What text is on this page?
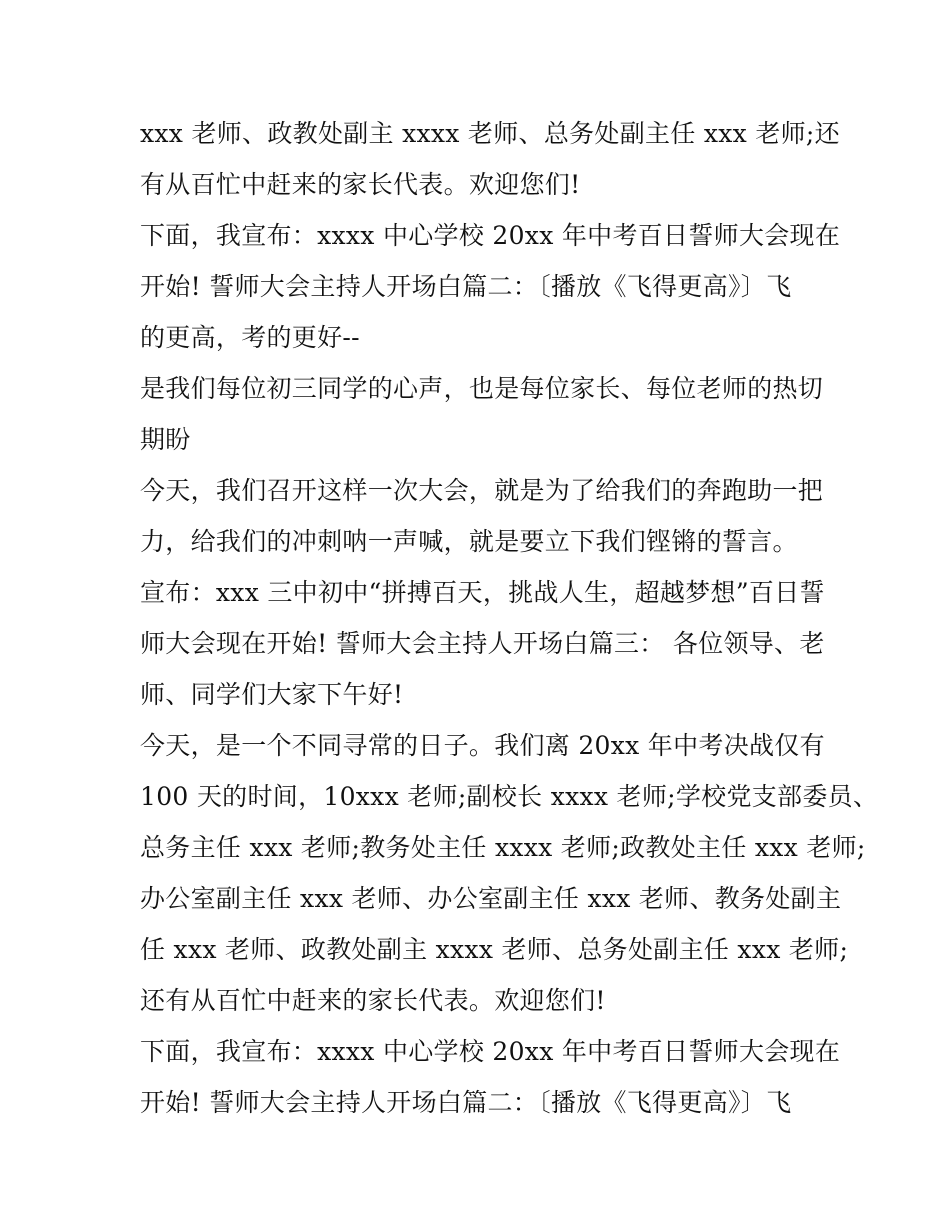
xxx 老师、政教处副主 xxxx 老师、总务处副主任 xxx 老师;还
有从百忙中赶来的家长代表。欢迎您们!
下面，我宣布：xxxx 中心学校 20xx 年中考百日誓师大会现在
开始! 誓师大会主持人开场白篇二：〔播放《飞得更高》〕飞
的更高，考的更好--
是我们每位初三同学的心声，也是每位家长、每位老师的热切
期盼
今天，我们召开这样一次大会，就是为了给我们的奔跑助一把
力，给我们的冲刺呐一声喊，就是要立下我们铿锵的誓言。
宣布：xxx 三中初中“拼搏百天，挑战人生，超越梦想”百日誓
师大会现在开始! 誓师大会主持人开场白篇三： 各位领导、老
师、同学们大家下午好!
今天，是一个不同寻常的日子。我们离 20xx 年中考决战仅有
100 天的时间，10xxx 老师;副校长 xxxx 老师;学校党支部委员、
总务主任 xxx 老师;教务处主任 xxxx 老师;政教处主任 xxx 老师;
办公室副主任 xxx 老师、办公室副主任 xxx 老师、教务处副主
任 xxx 老师、政教处副主 xxxx 老师、总务处副主任 xxx 老师;
还有从百忙中赶来的家长代表。欢迎您们!
下面，我宣布：xxxx 中心学校 20xx 年中考百日誓师大会现在
开始! 誓师大会主持人开场白篇二：〔播放《飞得更高》〕飞
